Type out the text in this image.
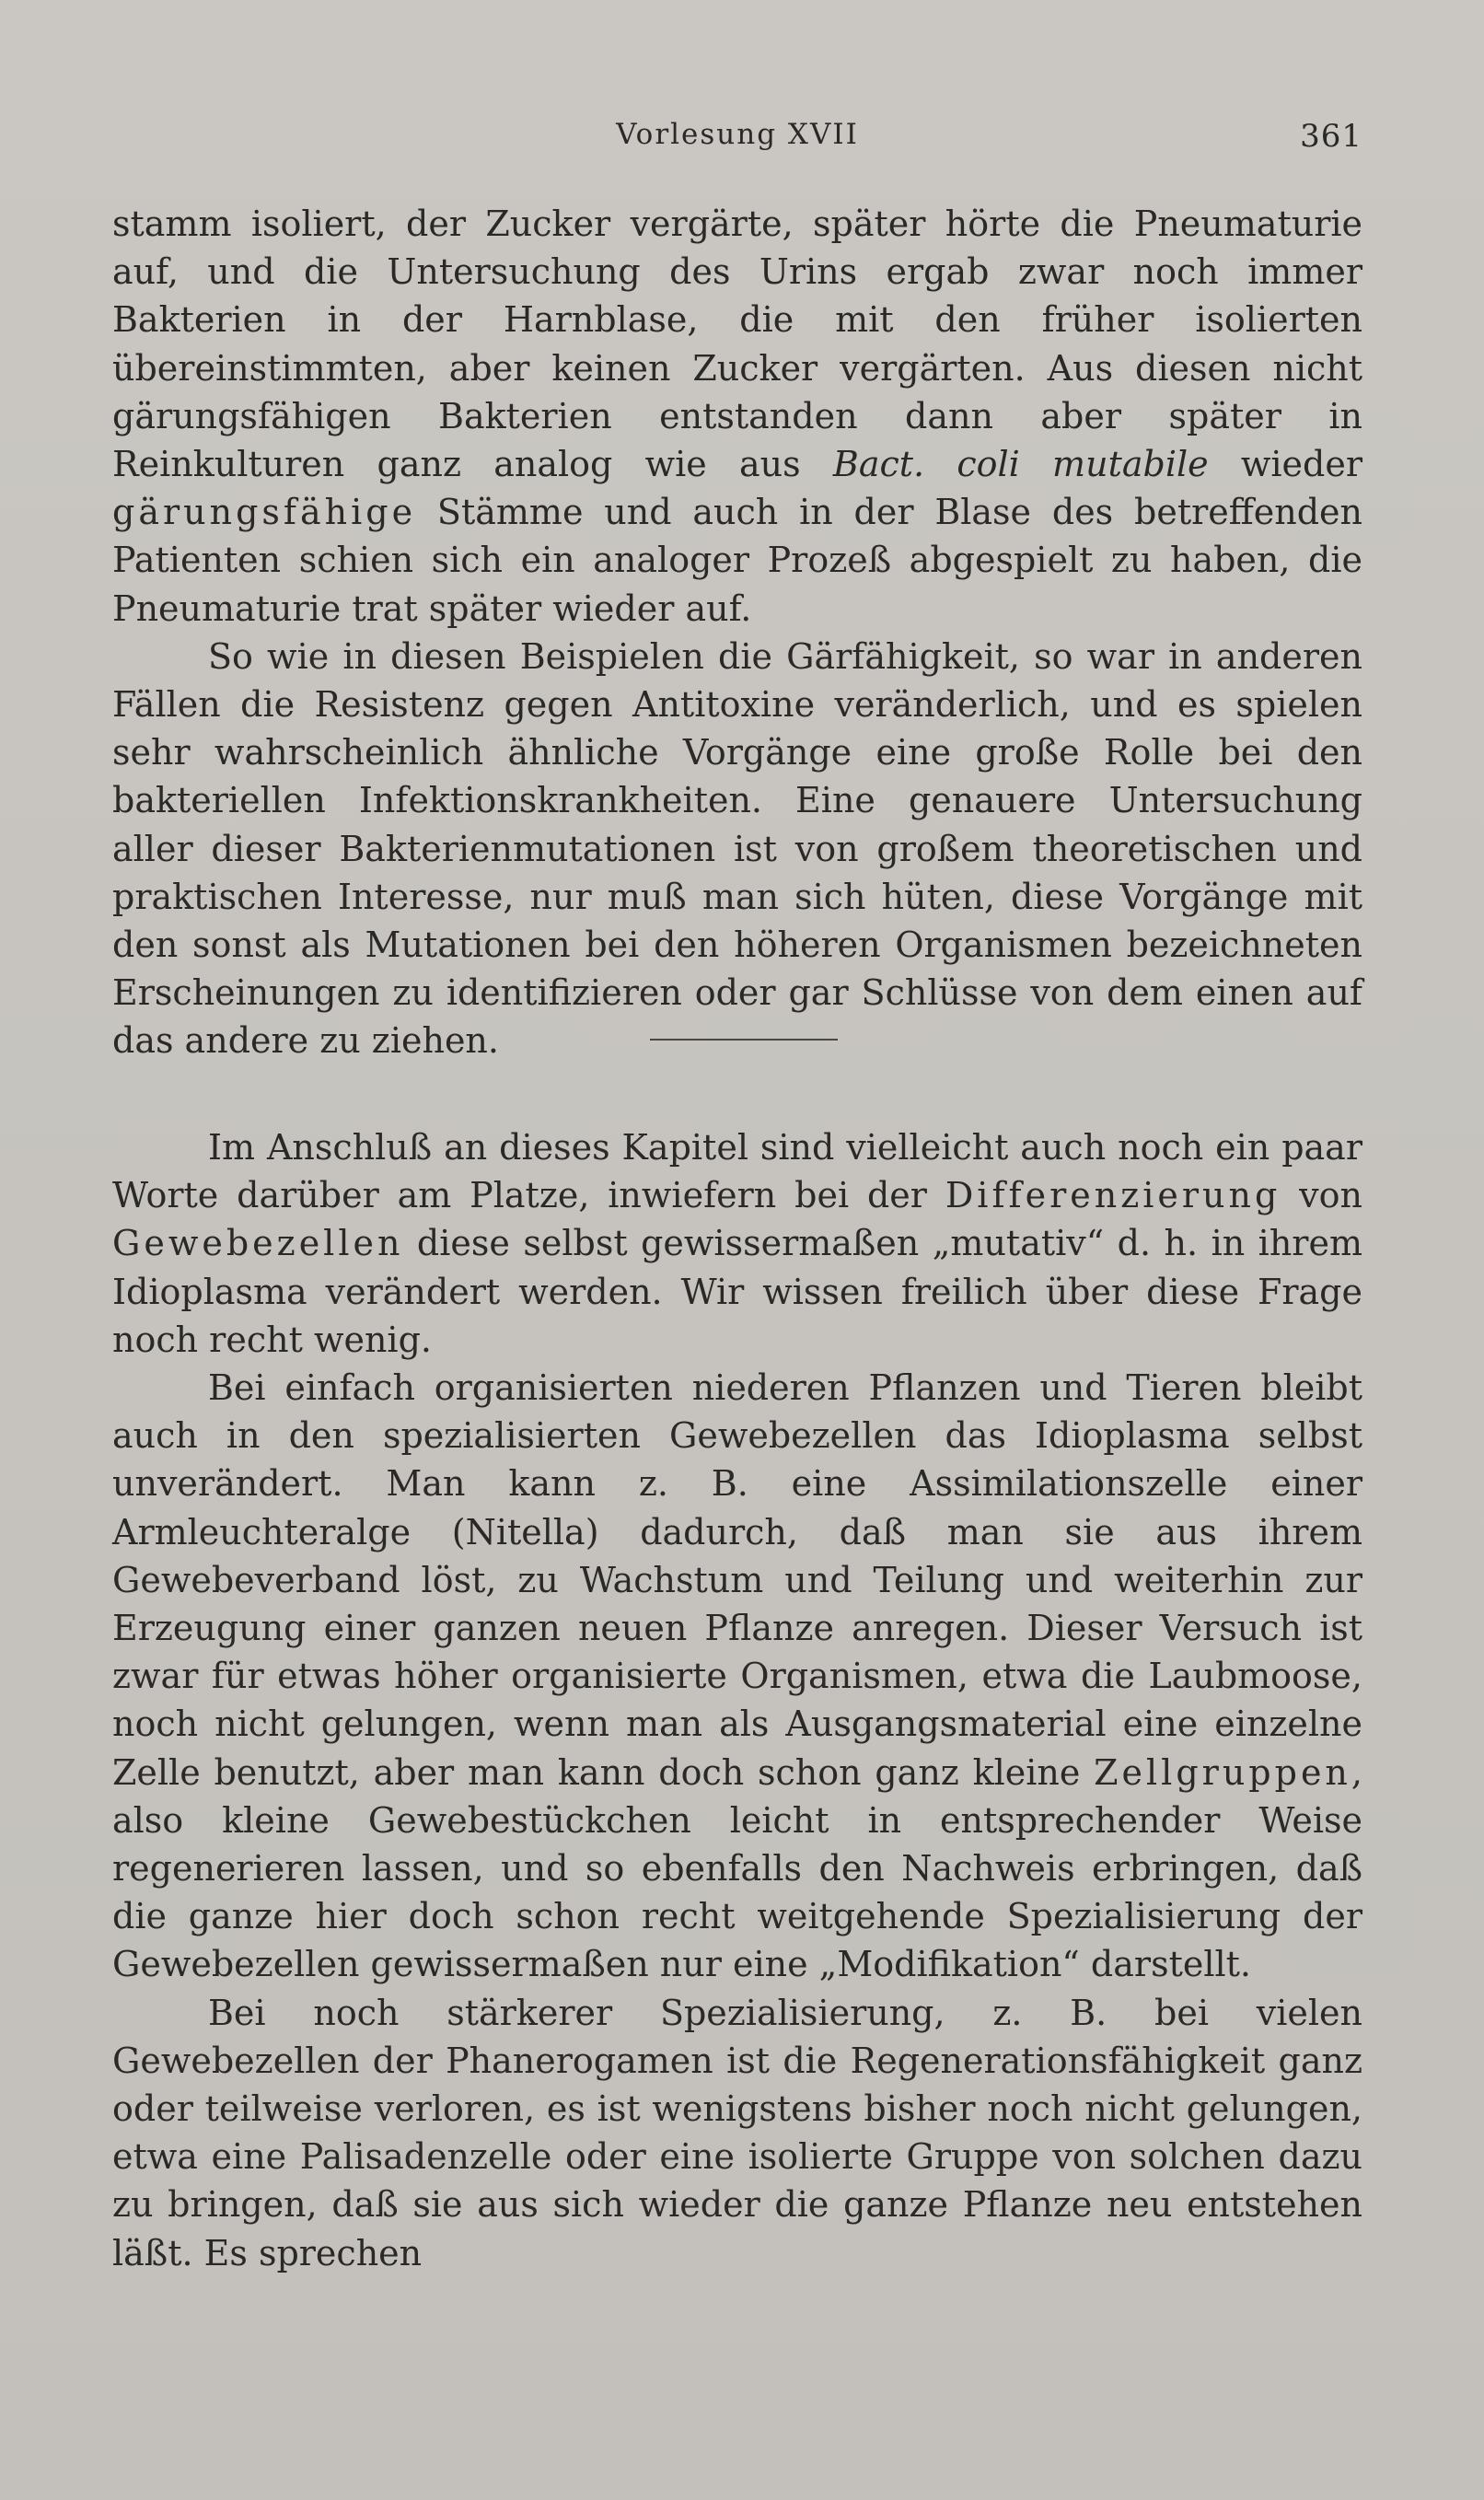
Vorlesung XVII	361

stamm isoliert, der Zucker vergärte, später hörte die Pneumaturie auf, und die Untersuchung des Urins ergab zwar noch immer Bakterien in der Harnblase, die mit den früher isolierten übereinstimmten, aber keinen Zucker vergärten. Aus diesen nicht gärungsfähigen Bakterien entstanden dann aber später in Reinkulturen ganz analog wie aus Bact. coli mutabile wieder gärungsfähige Stämme und auch in der Blase des betreffenden Patienten schien sich ein analoger Prozeß abgespielt zu haben, die Pneumaturie trat später wieder auf.

So wie in diesen Beispielen die Gärfähigkeit, so war in anderen Fällen die Resistenz gegen Antitoxine veränderlich, und es spielen sehr wahrscheinlich ähnliche Vorgänge eine große Rolle bei den bakteriellen Infektionskrankheiten. Eine genauere Untersuchung aller dieser Bakterienmutationen ist von großem theoretischen und praktischen Interesse, nur muß man sich hüten, diese Vorgänge mit den sonst als Mutationen bei den höheren Organismen bezeichneten Erscheinungen zu identifizieren oder gar Schlüsse von dem einen auf das andere zu ziehen.

Im Anschluß an dieses Kapitel sind vielleicht auch noch ein paar Worte darüber am Platze, inwiefern bei der Differenzierung von Gewebezellen diese selbst gewissermaßen „mutativ“ d. h. in ihrem Idioplasma verändert werden. Wir wissen freilich über diese Frage noch recht wenig.

Bei einfach organisierten niederen Pflanzen und Tieren bleibt auch in den spezialisierten Gewebezellen das Idioplasma selbst unverändert. Man kann z. B. eine Assimilationszelle einer Armleuchteralge (Nitella) dadurch, daß man sie aus ihrem Gewebeverband löst, zu Wachstum und Teilung und weiterhin zur Erzeugung einer ganzen neuen Pflanze anregen. Dieser Versuch ist zwar für etwas höher organisierte Organismen, etwa die Laubmoose, noch nicht gelungen, wenn man als Ausgangsmaterial eine einzelne Zelle benutzt, aber man kann doch schon ganz kleine Zellgruppen, also kleine Gewebestückchen leicht in entsprechender Weise regenerieren lassen, und so ebenfalls den Nachweis erbringen, daß die ganze hier doch schon recht weitgehende Spezialisierung der Gewebezellen gewissermaßen nur eine „Modifikation“ darstellt.

Bei noch stärkerer Spezialisierung, z. B. bei vielen Gewebezellen der Phanerogamen ist die Regenerationsfähigkeit ganz oder teilweise verloren, es ist wenigstens bisher noch nicht gelungen, etwa eine Palisadenzelle oder eine isolierte Gruppe von solchen dazu zu bringen, daß sie aus sich wieder die ganze Pflanze neu entstehen läßt. Es sprechen
